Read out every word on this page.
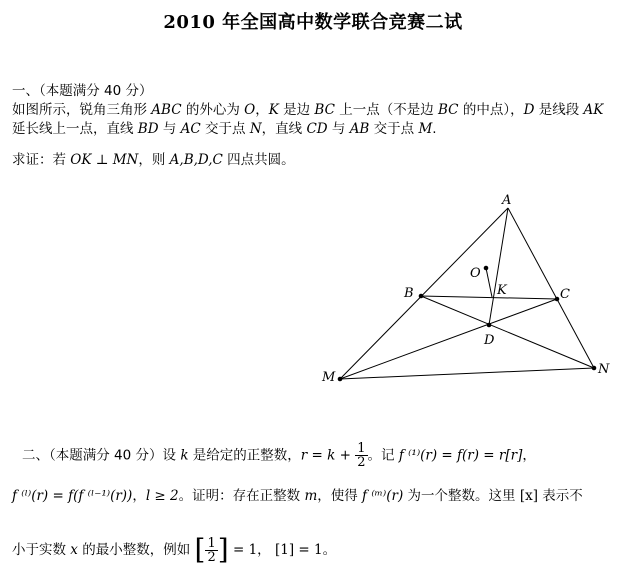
2010 年全国高中数学联合竞赛二试
一、（本题满分 40 分）
如图所示，锐角三角形 ABC 的外心为 O，K 是边 BC 上一点（不是边 BC 的中点），D 是线段 AK
延长线上一点，直线 BD 与 AC 交于点 N，直线 CD 与 AB 交于点 M.
求证：若 OK ⊥ MN，则 A,B,D,C 四点共圆。
A
B	C
D
K
O
M
N
二、（本题满分 40 分）设 k 是给定的正整数，$r = k + \frac{1}{2}$ 。记 f ⁽¹⁾(r) = f(r) = r[r]，
f ⁽ˡ⁾(r) = f(f ⁽ˡ⁻¹⁾(r))，l ≥ 2。证明：存在正整数 m，使得 f ⁽ᵐ⁾(r) 为一个整数。这里 [x] 表示不
小于实数 x 的最小整数，例如 [ $\frac{1}{2}$ ] = 1， [1] = 1。
